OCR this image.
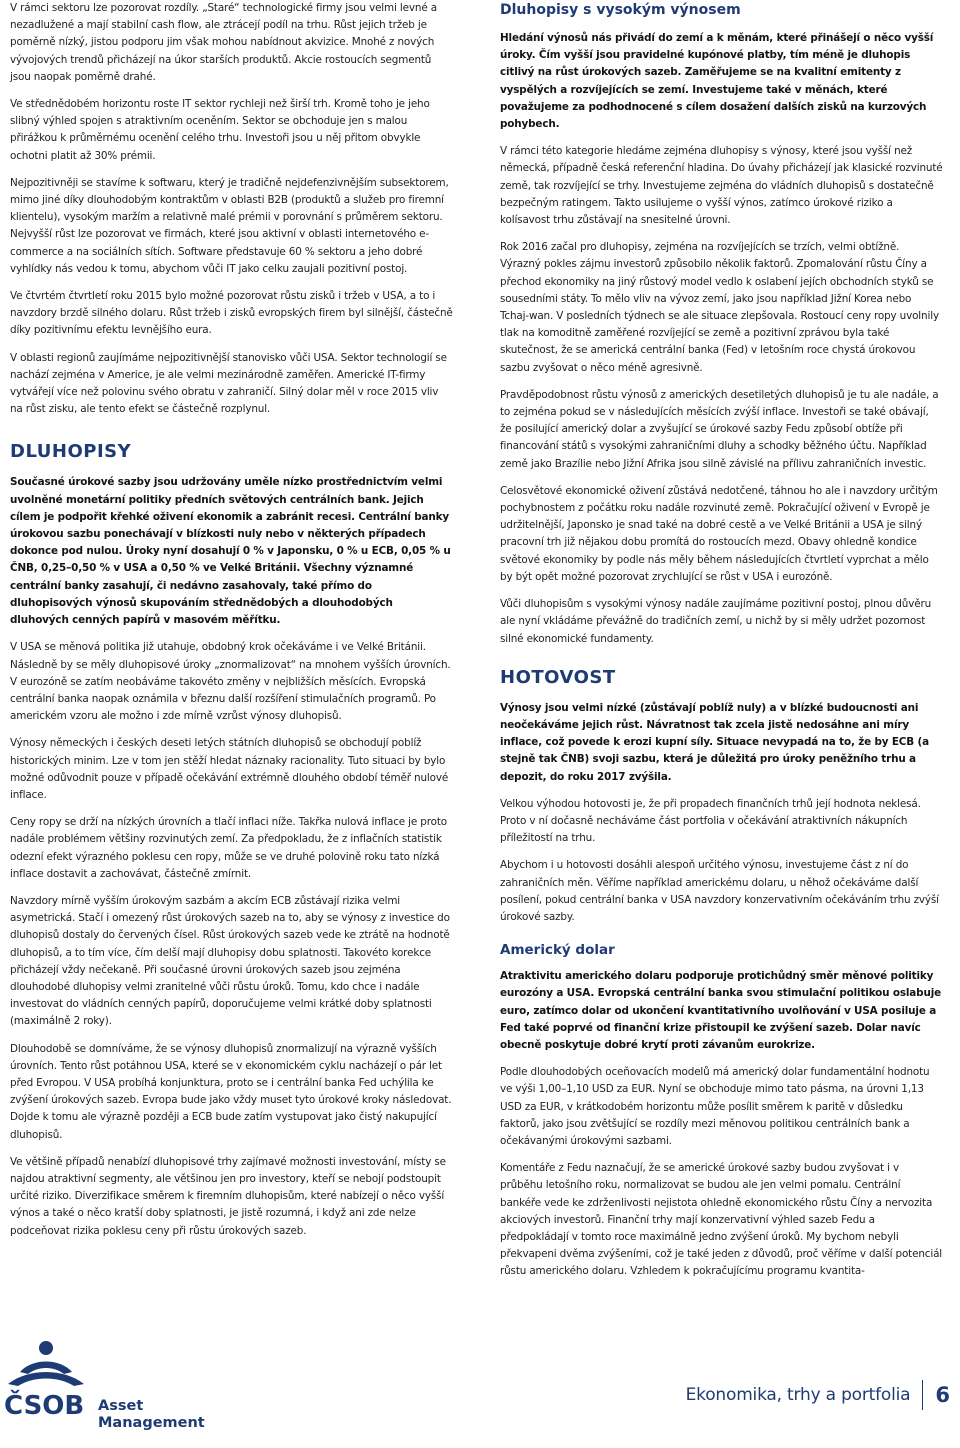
V rámci sektoru lze pozorovat rozdíly. „Staré“ technologické firmy jsou velmi levné a nezadlužené a mají stabilní cash flow, ale ztrácejí podíl na trhu. Růst jejich tržeb je poměrně nízký, jistou podporu jim však mohou nabídnout akvizice. Mnohé z nových vývojových trendů přicházejí na úkor starších produktů. Akcie rostoucích segmentů jsou naopak poměrně drahé.

Ve střednědobém horizontu roste IT sektor rychleji než širší trh. Kromě toho je jeho slibný výhled spojen s atraktivním oceněním. Sektor se obchoduje jen s malou přirážkou k průměrnému ocenění celého trhu. Investoři jsou u něj přitom obvykle ochotni platit až 30% prémii.

Nejpozitivněji se stavíme k softwaru, který je tradičně nejdefenzivnějším subsektorem, mimo jiné díky dlouhodobým kontraktům v oblasti B2B (produktů a služeb pro firemní klientelu), vysokým maržím a relativně malé prémii v porovnání s průměrem sektoru. Nejvyšší růst lze pozorovat ve firmách, které jsou aktivní v oblasti internetového e-commerce a na sociálních sítích. Software představuje 60 % sektoru a jeho dobré vyhlídky nás vedou k tomu, abychom vůči IT jako celku zaujali pozitivní postoj.

Ve čtvrtém čtvrtletí roku 2015 bylo možné pozorovat růstu zisků i tržeb v USA, a to i navzdory brzdě silného dolaru. Růst tržeb i zisků evropských firem byl silnější, částečně díky pozitivnímu efektu levnějšího eura.

V oblasti regionů zaujímáme nejpozitivnější stanovisko vůči USA. Sektor technologií se nachází zejména v Americe, je ale velmi mezinárodně zaměřen. Americké IT-firmy vytvářejí více než polovinu svého obratu v zahraničí. Silný dolar měl v roce 2015 vliv na růst zisku, ale tento efekt se částečně rozplynul.

DLUHOPISY

Současné úrokové sazby jsou udržovány uměle nízko prostřednictvím velmi uvolněné monetární politiky předních světových centrálních bank. Jejich cílem je podpořit křehké oživení ekonomik a zabránit recesi. Centrální banky úrokovou sazbu ponechávají v blízkosti nuly nebo v některých případech dokonce pod nulou. Úroky nyní dosahují 0 % v Japonsku, 0 % u ECB, 0,05 % u ČNB, 0,25–0,50 % v USA a 0,50 % ve Velké Británii. Všechny významné centrální banky zasahují, či nedávno zasahovaly, také přímo do dluhopisových výnosů skupováním střednědobých a dlouhodobých dluhových cenných papírů v masovém měřítku.

V USA se měnová politika již utahuje, obdobný krok očekáváme i ve Velké Británii. Následně by se měly dluhopisové úroky „znormalizovat“ na mnohem vyšších úrovních. V eurozóně se zatím neobáváme takovéto změny v nejbližších měsících. Evropská centrální banka naopak oznámila v březnu další rozšíření stimulačních programů. Po americkém vzoru ale možno i zde mírně vzrůst výnosy dluhopisů.

Výnosy německých i českých deseti letých státních dluhopisů se obchodují poblíž historických minim. Lze v tom jen stěží hledat náznaky racionality. Tuto situaci by bylo možné odůvodnit pouze v případě očekávání extrémně dlouhého období téměř nulové inflace.

Ceny ropy se drží na nízkých úrovních a tlačí inflaci níže. Takřka nulová inflace je proto nadále problémem většiny rozvinutých zemí. Za předpokladu, že z inflačních statistik odezní efekt výrazného poklesu cen ropy, může se ve druhé polovině roku tato nízká inflace dostavit a zachovávat, částečně zmírnit.

Navzdory mírně vyšším úrokovým sazbám a akcím ECB zůstávají rizika velmi asymetrická. Stačí i omezený růst úrokových sazeb na to, aby se výnosy z investice do dluhopisů dostaly do červených čísel. Růst úrokových sazeb vede ke ztrátě na hodnotě dluhopisů, a to tím více, čím delší mají dluhopisy dobu splatnosti. Takovéto korekce přicházejí vždy nečekaně. Při současné úrovni úrokových sazeb jsou zejména dlouhodobé dluhopisy velmi zranitelné vůči růstu úroků. Tomu, kdo chce i nadále investovat do vládních cenných papírů, doporučujeme velmi krátké doby splatnosti (maximálně 2 roky).

Dlouhodobě se domníváme, že se výnosy dluhopisů znormalizují na výrazně vyšších úrovních. Tento růst potáhnou USA, které se v ekonomickém cyklu nacházejí o pár let před Evropou. V USA probíhá konjunktura, proto se i centrální banka Fed uchýlila ke zvýšení úrokových sazeb. Evropa bude jako vždy muset tyto úrokové kroky následovat. Dojde k tomu ale výrazně později a ECB bude zatím vystupovat jako čistý nakupující dluhopisů.

Ve většině případů nenabízí dluhopisové trhy zajímavé možnosti investování, místy se najdou atraktivní segmenty, ale většinou jen pro investory, kteří se nebojí podstoupit určité riziko. Diverzifikace směrem k firemním dluhopisům, které nabízejí o něco vyšší výnos a také o něco kratší doby splatnosti, je jistě rozumná, i když ani zde nelze podceňovat rizika poklesu ceny při růstu úrokových sazeb.

Dluhopisy s vysokým výnosem

Hledání výnosů nás přivádí do zemí a k měnám, které přinášejí o něco vyšší úroky. Čím vyšší jsou pravidelné kupónové platby, tím méně je dluhopis citlivý na růst úrokových sazeb. Zaměřujeme se na kvalitní emitenty z vyspělých a rozvíjejících se zemí. Investujeme také v měnách, které považujeme za podhodnocené s cílem dosažení dalších zisků na kurzových pohybech.

V rámci této kategorie hledáme zejména dluhopisy s výnosy, které jsou vyšší než německá, případně česká referenční hladina. Do úvahy přicházejí jak klasické rozvinuté země, tak rozvíjející se trhy. Investujeme zejména do vládních dluhopisů s dostatečně bezpečným ratingem. Takto usilujeme o vyšší výnos, zatímco úrokové riziko a kolísavost trhu zůstávají na snesitelné úrovni.

Rok 2016 začal pro dluhopisy, zejména na rozvíjejících se trzích, velmi obtížně. Výrazný pokles zájmu investorů způsobilo několik faktorů. Zpomalování růstu Číny a přechod ekonomiky na jiný růstový model vedlo k oslabení jejích obchodních styků se sousedními státy. To mělo vliv na vývoz zemí, jako jsou například Jižní Korea nebo Tchaj-wan. V posledních týdnech se ale situace zlepšovala. Rostoucí ceny ropy uvolnily tlak na komoditně zaměřené rozvíjející se země a pozitivní zprávou byla také skutečnost, že se americká centrální banka (Fed) v letošním roce chystá úrokovou sazbu zvyšovat o něco méně agresivně.

Pravděpodobnost růstu výnosů z amerických desetiletých dluhopisů je tu ale nadále, a to zejména pokud se v následujících měsících zvýší inflace. Investoři se také obávají, že posilující americký dolar a zvyšující se úrokové sazby Fedu způsobí obtíže při financování států s vysokými zahraničními dluhy a schodky běžného účtu. Například země jako Brazílie nebo Jižní Afrika jsou silně závislé na přílivu zahraničních investic.

Celosvětové ekonomické oživení zůstává nedotčené, táhnou ho ale i navzdory určitým pochybnostem z počátku roku nadále rozvinuté země. Pokračující oživení v Evropě je udržitelnější, Japonsko je snad také na dobré cestě a ve Velké Británii a USA je silný pracovní trh již nějakou dobu promítá do rostoucích mezd. Obavy ohledně kondice světové ekonomiky by podle nás měly během následujících čtvrtletí vyprchat a mělo by být opět možné pozorovat zrychlující se růst v USA i eurozóně.

Vůči dluhopisům s vysokými výnosy nadále zaujímáme pozitivní postoj, plnou důvěru ale nyní vkládáme převážně do tradičních zemí, u nichž by si měly udržet pozornost silné ekonomické fundamenty.

HOTOVOST

Výnosy jsou velmi nízké (zůstávají poblíž nuly) a v blízké budoucnosti ani neočekáváme jejich růst. Návratnost tak zcela jistě nedosáhne ani míry inflace, což povede k erozi kupní síly. Situace nevypadá na to, že by ECB (a stejně tak ČNB) svoji sazbu, která je důležitá pro úroky peněžního trhu a depozit, do roku 2017 zvýšila.

Velkou výhodou hotovosti je, že při propadech finančních trhů její hodnota neklesá. Proto v ní dočasně necháváme část portfolia v očekávání atraktivních nákupních příležitostí na trhu.

Abychom i u hotovosti dosáhli alespoň určitého výnosu, investujeme část z ní do zahraničních měn. Věříme například americkému dolaru, u něhož očekáváme další posílení, pokud centrální banka v USA navzdory konzervativním očekáváním trhu zvýší úrokové sazby.

Americký dolar

Atraktivitu amerického dolaru podporuje protichůdný směr měnové politiky eurozóny a USA. Evropská centrální banka svou stimulační politikou oslabuje euro, zatímco dolar od ukončení kvantitativního uvolňování v USA posiluje a Fed také poprvé od finanční krize přistoupil ke zvýšení sazeb. Dolar navíc obecně poskytuje dobré krytí proti závanům eurokrize.

Podle dlouhodobých oceňovacích modelů má americký dolar fundamentální hodnotu ve výši 1,00–1,10 USD za EUR. Nyní se obchoduje mimo tato pásma, na úrovni 1,13 USD za EUR, v krátkodobém horizontu může posílit směrem k paritě v důsledku faktorů, jako jsou zvětšující se rozdíly mezi měnovou politikou centrálních bank a očekávanými úrokovými sazbami.

Komentáře z Fedu naznačují, že se americké úrokové sazby budou zvyšovat i v průběhu letošního roku, normalizovat se budou ale jen velmi pomalu. Centrální bankéře vede ke zdrženlivosti nejistota ohledně ekonomického růstu Číny a nervozita akciových investorů. Finanční trhy mají konzervativní výhled sazeb Fedu a předpokládají v tomto roce maximálně jedno zvýšení úroků. My bychom nebyli překvapeni dvěma zvýšeními, což je také jeden z důvodů, proč věříme v další potenciál růstu amerického dolaru. Vzhledem k pokračujícímu programu kvantita-

ČSOB Asset
Management
Ekonomika, trhy a portfolia 6
